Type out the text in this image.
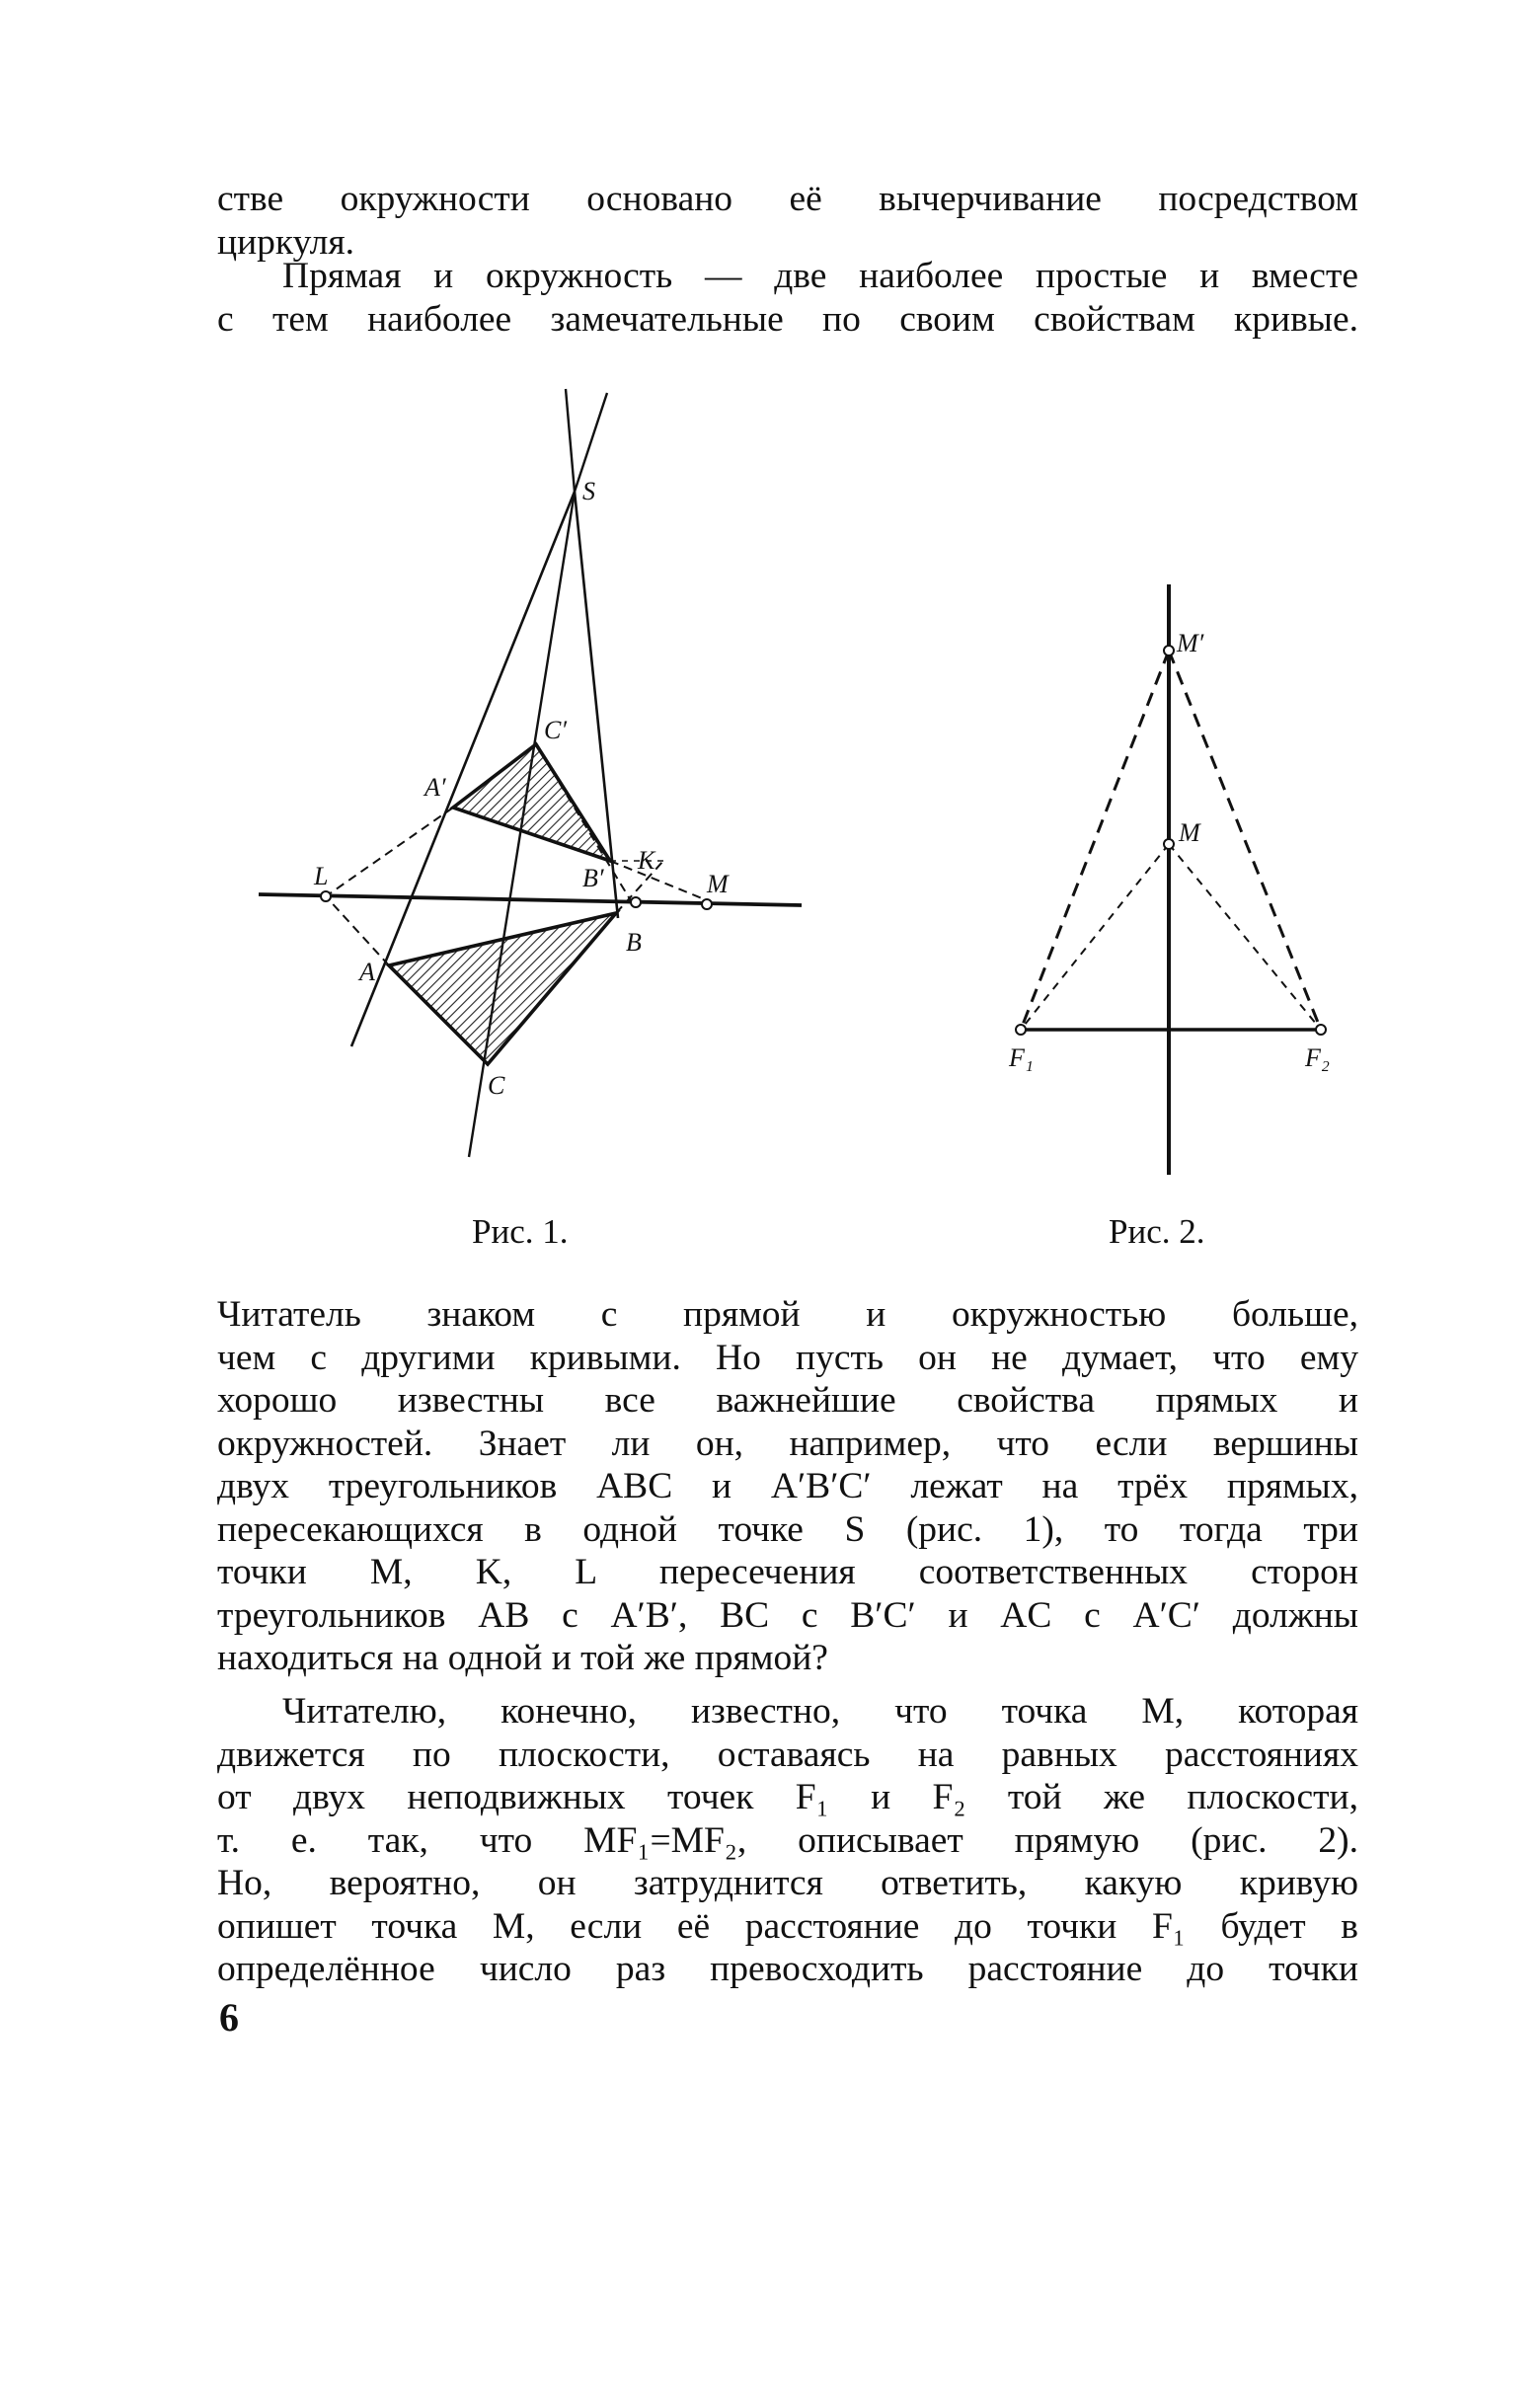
стве окружности основано её вычерчивание посредством
циркуля.
Прямая и окружность — две наиболее простые и вместе
с тем наиболее замечательные по своим свойствам кривые.
S
C′
A′
B′
K
M
L
A
B
C
M′
M
F₁	F₂
Рис. 1.	Рис. 2.
Читатель знаком с прямой и окружностью больше,
чем с другими кривыми. Но пусть он не думает, что ему
хорошо известны все важнейшие свойства прямых и
окружностей. Знает ли он, например, что если вершины
двух треугольников ABC и A′B′C′ лежат на трёх прямых,
пересекающихся в одной точке S (рис. 1), то тогда три
точки M, K, L пересечения соответственных сторон
треугольников AB с A′B′, BC с B′C′ и AC с A′C′ должны
находиться на одной и той же прямой?
Читателю, конечно, известно, что точка M, которая
движется по плоскости, оставаясь на равных расстояниях
от двух неподвижных точек F₁ и F₂ той же плоскости,
т. е. так, что MF₁=MF₂, описывает прямую (рис. 2).
Но, вероятно, он затруднится ответить, какую кривую
опишет точка M, если её расстояние до точки F₁ будет в
определённое число раз превосходить расстояние до точки
6
